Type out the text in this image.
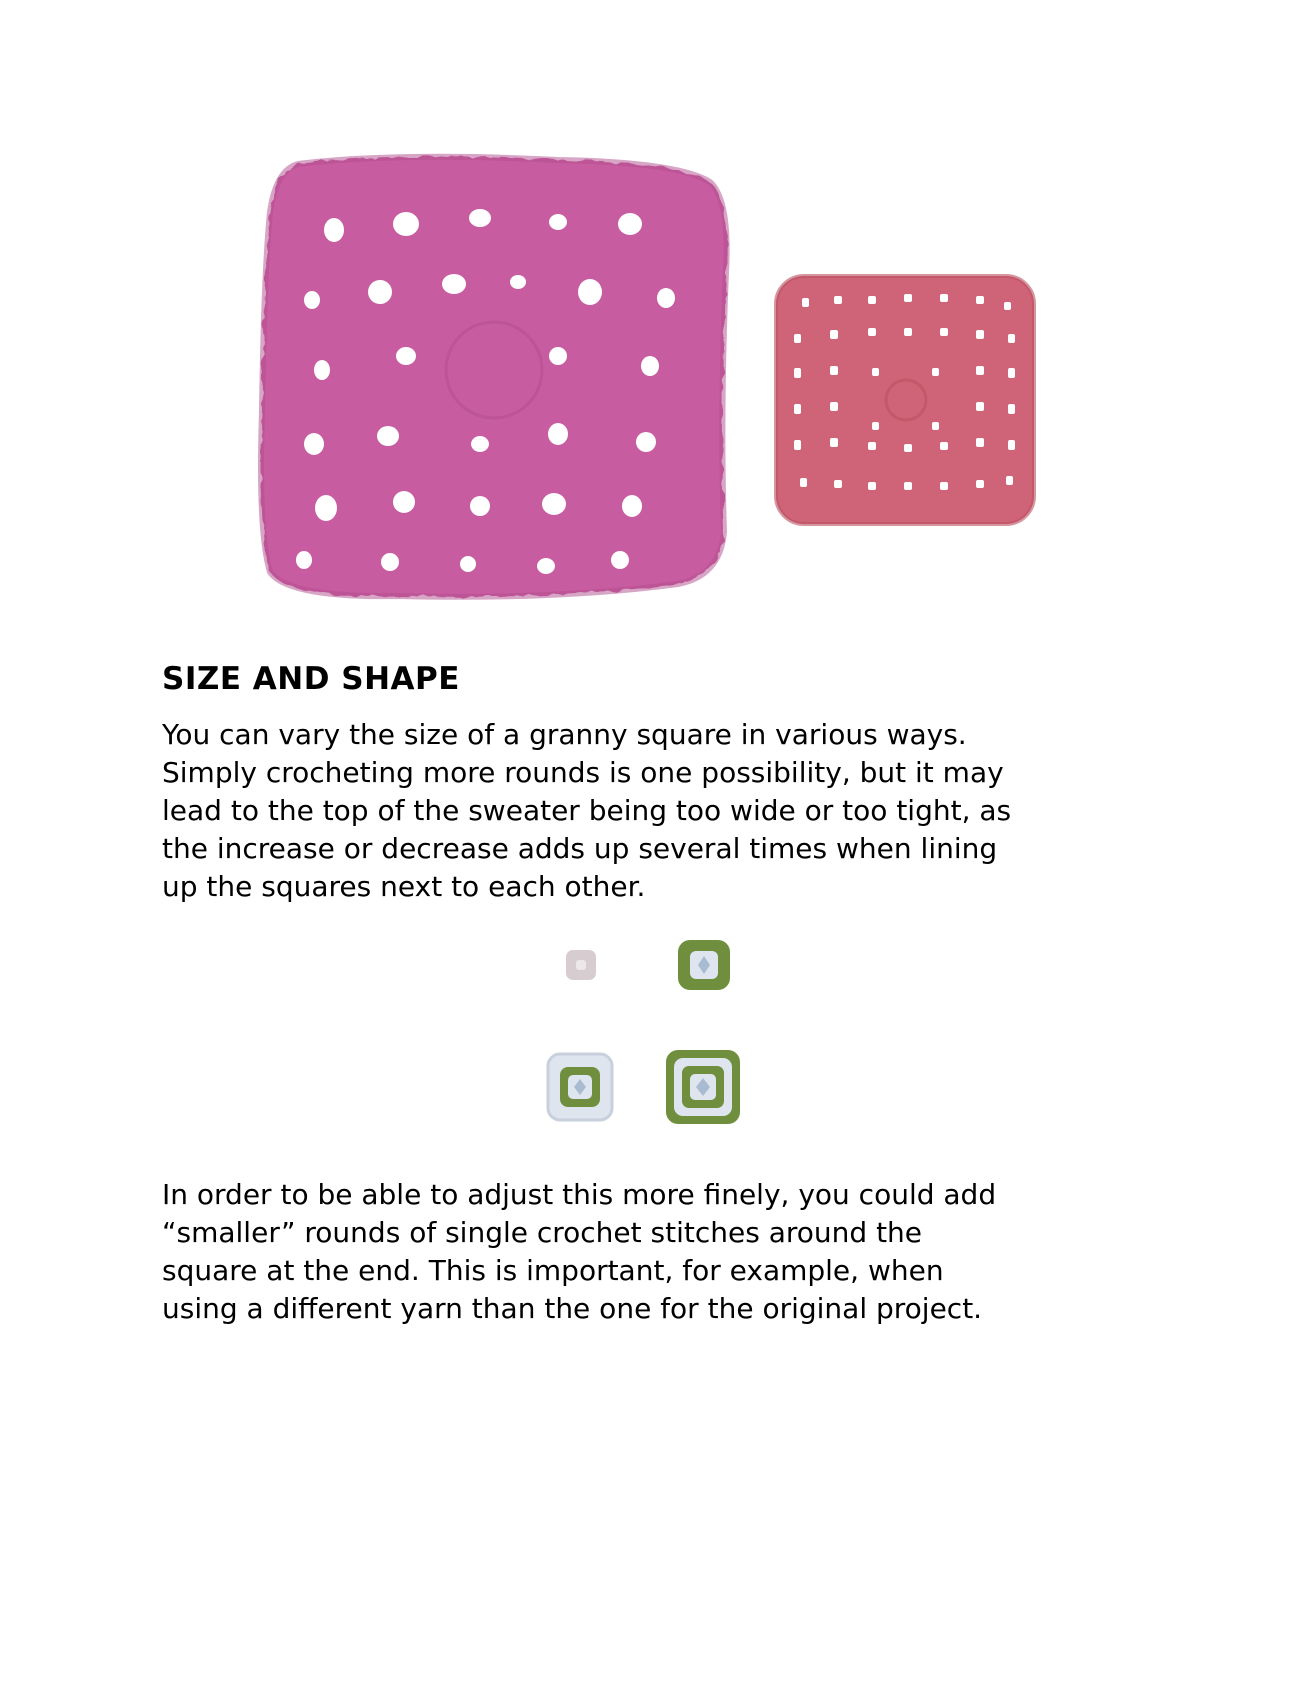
SIZE AND SHAPE

You can vary the size of a granny square in various ways.
Simply crocheting more rounds is one possibility, but it may
lead to the top of the sweater being too wide or too tight, as
the increase or decrease adds up several times when lining
up the squares next to each other.

In order to be able to adjust this more finely, you could add
“smaller” rounds of single crochet stitches around the
square at the end. This is important, for example, when
using a different yarn than the one for the original project.
